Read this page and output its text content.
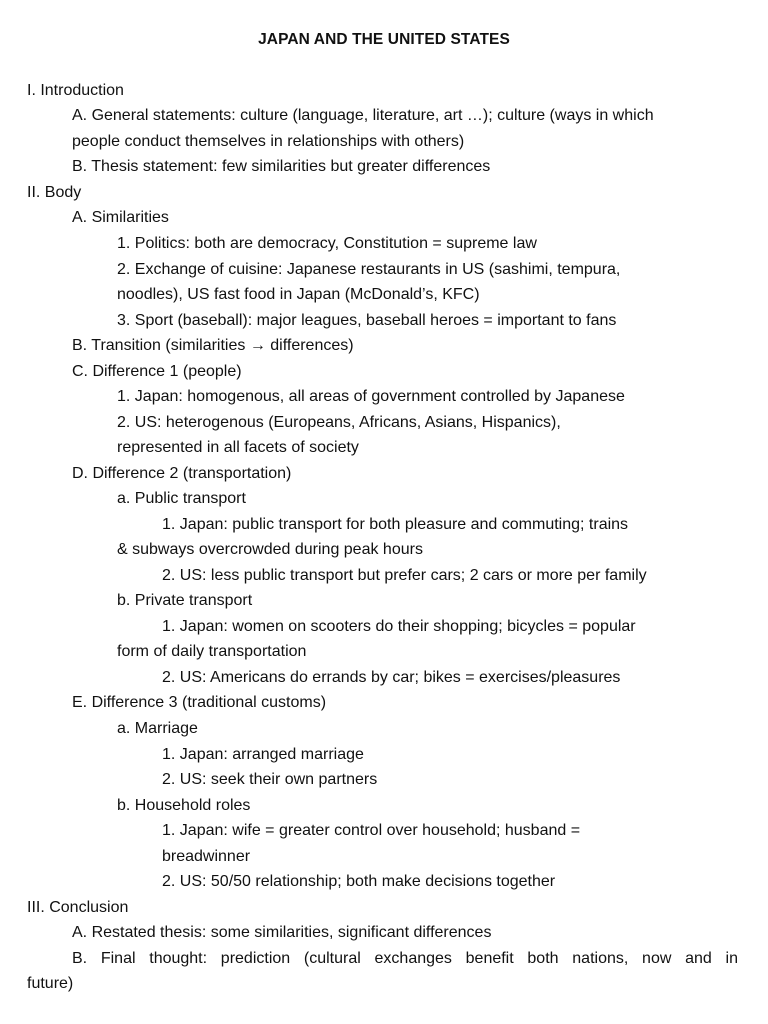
JAPAN AND THE UNITED STATES
I. Introduction
A. General statements: culture (language, literature, art …); culture (ways in which
people conduct themselves in relationships with others)
B. Thesis statement: few similarities but greater differences
II. Body
A. Similarities
1. Politics: both are democracy, Constitution = supreme law
2. Exchange of cuisine: Japanese restaurants in US (sashimi, tempura,
noodles), US fast food in Japan (McDonald’s, KFC)
3. Sport (baseball): major leagues, baseball heroes = important to fans
B. Transition (similarities → differences)
C. Difference 1 (people)
1. Japan: homogenous, all areas of government controlled by Japanese
2. US: heterogenous (Europeans, Africans, Asians, Hispanics),
represented in all facets of society
D. Difference 2 (transportation)
a. Public transport
1. Japan: public transport for both pleasure and commuting; trains
& subways overcrowded during peak hours
2. US: less public transport but prefer cars; 2 cars or more per family
b. Private transport
1. Japan: women on scooters do their shopping; bicycles = popular
form of daily transportation
2. US: Americans do errands by car; bikes = exercises/pleasures
E. Difference 3 (traditional customs)
a. Marriage
1. Japan: arranged marriage
2. US: seek their own partners
b. Household roles
1. Japan: wife = greater control over household; husband =
breadwinner
2. US: 50/50 relationship; both make decisions together
III. Conclusion
A. Restated thesis: some similarities, significant differences
B. Final thought: prediction (cultural exchanges benefit both nations, now and in
future)
